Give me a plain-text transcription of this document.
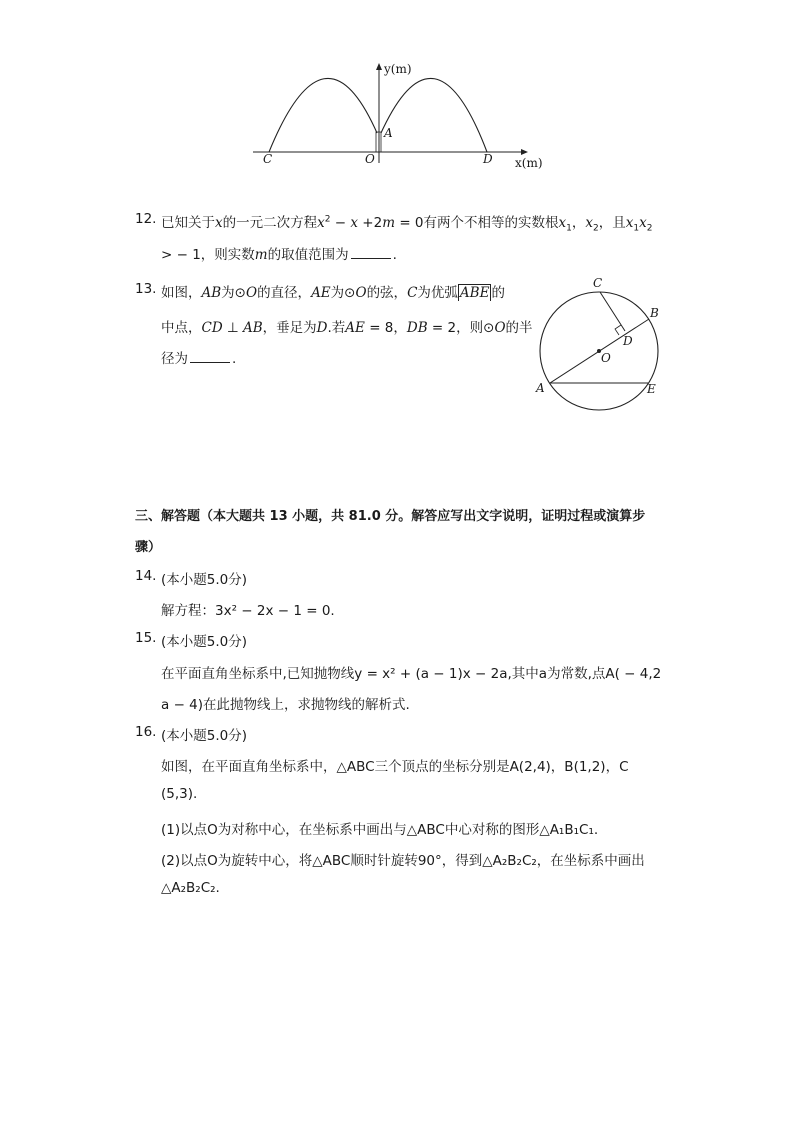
y(m)
x(m)
C	O	D
A
12. 已知关于x的一元二次方程$x^2 - x +2m = 0$有两个不相等的实数根$x_1$，$x_2$，且$x_1x_2$
> − 1，则实数m的取值范围为	.
13. 如图，AB为⊙O的直径，AE为⊙O的弦，C为优弧 ABE 的
中点，CD ⊥ AB，垂足为D.若AE = 8，DB = 2，则⊙O的半
径为	.
C
B
D
O
A	E
三、解答题（本大题共 13 小题，共 81.0 分。解答应写出文字说明，证明过程或演算步
骤）
14. (本小题5.0分)
解方程：3x² − 2x − 1 = 0.
15. (本小题5.0分)
在平面直角坐标系中,已知抛物线y = x² + (a − 1)x − 2a,其中a为常数,点A( − 4,2
a − 4)在此抛物线上，求抛物线的解析式.
16. (本小题5.0分)
如图，在平面直角坐标系中，△ABC三个顶点的坐标分别是A(2,4)，B(1,2)，C
(5,3).
(1)以点O为对称中心，在坐标系中画出与△ABC中心对称的图形△A₁B₁C₁.
(2)以点O为旋转中心，将△ABC顺时针旋转90°，得到△A₂B₂C₂，在坐标系中画出
△A₂B₂C₂.
